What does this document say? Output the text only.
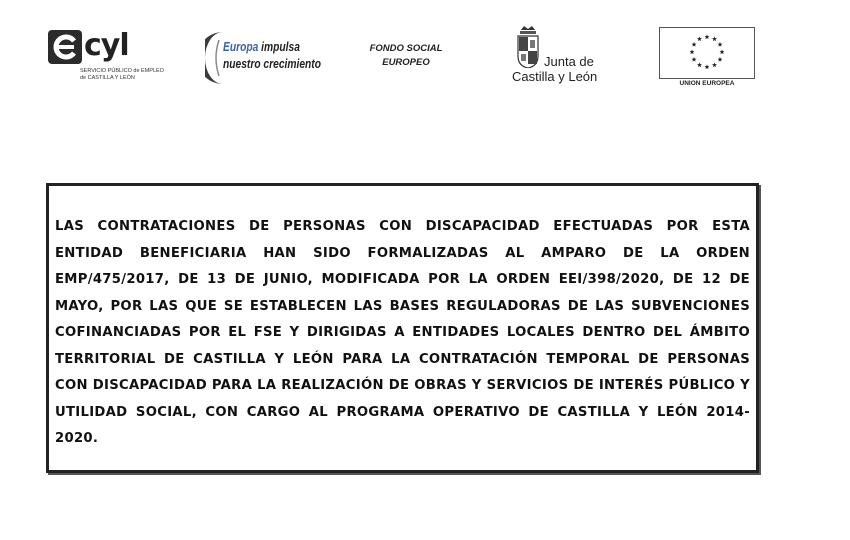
cyl
SERVICIO PÚBLICO de EMPLEO
de CASTILLA Y LEÓN
Europa impulsa
nuestro crecimiento
FONDO SOCIAL
EUROPEO	Junta de
Castilla y León	UNION EUROPEA

LAS CONTRATACIONES DE PERSONAS CON DISCAPACIDAD EFECTUADAS POR ESTA ENTIDAD BENEFICIARIA HAN SIDO FORMALIZADAS AL AMPARO DE LA ORDEN EMP/475/2017, DE 13 DE JUNIO, MODIFICADA POR LA ORDEN EEI/398/2020, DE 12 DE MAYO, POR LAS QUE SE ESTABLECEN LAS BASES REGULADORAS DE LAS SUBVENCIONES COFINANCIADAS POR EL FSE Y DIRIGIDAS A ENTIDADES LOCALES DENTRO DEL ÁMBITO TERRITORIAL DE CASTILLA Y LEÓN PARA LA CONTRATACIÓN TEMPORAL DE PERSONAS CON DISCAPACIDAD PARA LA REALIZACIÓN DE OBRAS Y SERVICIOS DE INTERÉS PÚBLICO Y UTILIDAD SOCIAL, CON CARGO AL PROGRAMA OPERATIVO DE CASTILLA Y LEÓN 2014-2020.
